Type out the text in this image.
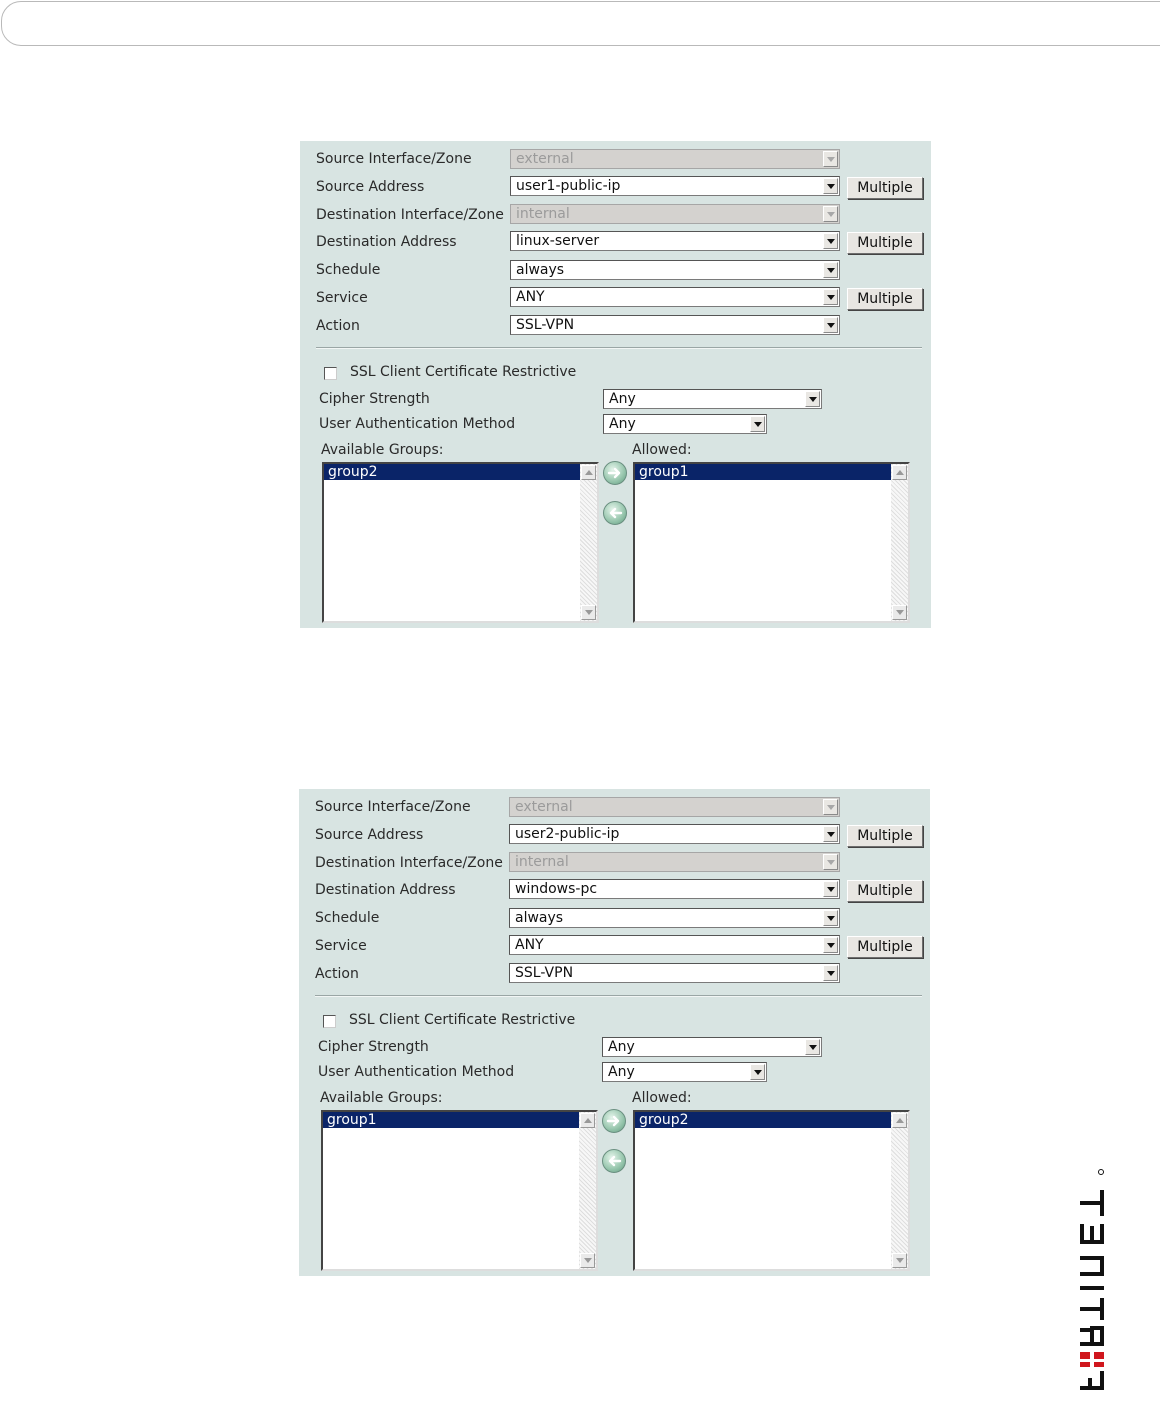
Source Interface/Zone	external
Source Address	user1-public-ip	Multiple
Destination Interface/Zone internal
Destination Address	linux-server	Multiple
Schedule	always
Service	ANY	Multiple
Action	SSL-VPN
SSL Client Certificate Restrictive
Cipher Strength	Any
User Authentication Method	Any
Available Groups:	Allowed:
group2	group1
Source Interface/Zone	external
Source Address	user2-public-ip	Multiple
Destination Interface/Zone internal
Destination Address	windows-pc	Multiple
Schedule	always
Service	ANY	Multiple
Action	SSL-VPN
SSL Client Certificate Restrictive
Cipher Strength	Any
User Authentication Method	Any
Available Groups:	Allowed:
group1	group2
